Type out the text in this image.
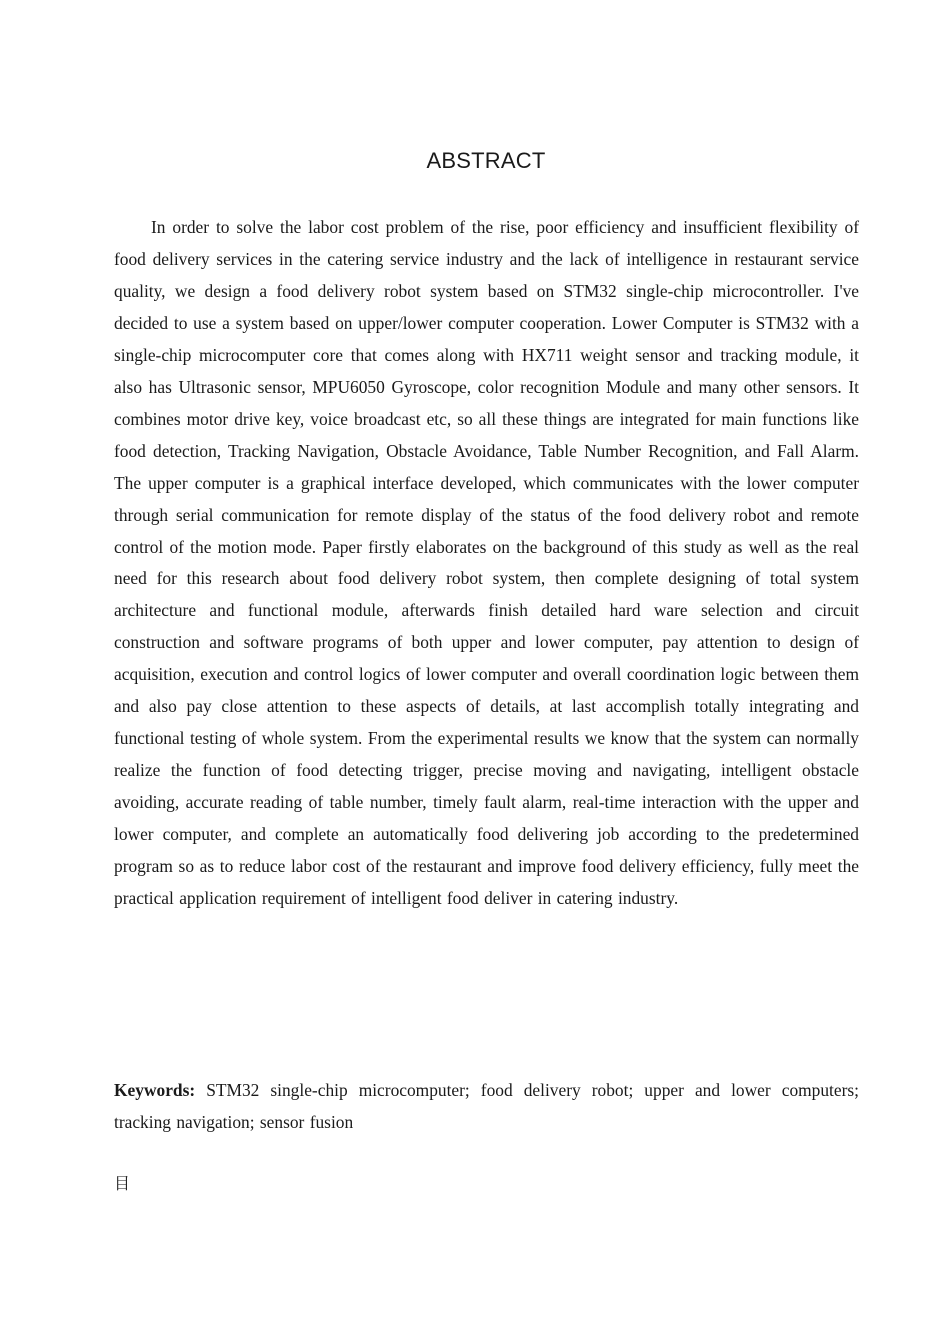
ABSTRACT

In order to solve the labor cost problem of the rise, poor efficiency and insufficient flexibility of food delivery services in the catering service industry and the lack of intelligence in restaurant service quality, we design a food delivery robot system based on STM32 single-chip microcontroller. I've decided to use a system based on upper/lower computer cooperation. Lower Computer is STM32 with a single-chip microcomputer core that comes along with HX711 weight sensor and tracking module, it also has Ultrasonic sensor, MPU6050 Gyroscope, color recognition Module and many other sensors. It combines motor drive key, voice broadcast etc, so all these things are integrated for main functions like food detection, Tracking Navigation, Obstacle Avoidance, Table Number Recognition, and Fall Alarm. The upper computer is a graphical interface developed, which communicates with the lower computer through serial communication for remote display of the status of the food delivery robot and remote control of the motion mode. Paper firstly elaborates on the background of this study as well as the real need for this research about food delivery robot system, then complete designing of total system architecture and functional module, afterwards finish detailed hard ware selection and circuit construction and software programs of both upper and lower computer, pay attention to design of acquisition, execution and control logics of lower computer and overall coordination logic between them and also pay close attention to these aspects of details, at last accomplish totally integrating and functional testing of whole system. From the experimental results we know that the system can normally realize the function of food detecting trigger, precise moving and navigating, intelligent obstacle avoiding, accurate reading of table number, timely fault alarm, real-time interaction with the upper and lower computer, and complete an automatically food delivering job according to the predetermined program so as to reduce labor cost of the restaurant and improve food delivery efficiency, fully meet the practical application requirement of intelligent food deliver in catering industry.

Keywords: STM32 single-chip microcomputer; food delivery robot; upper and lower computers; tracking navigation; sensor fusion

目
